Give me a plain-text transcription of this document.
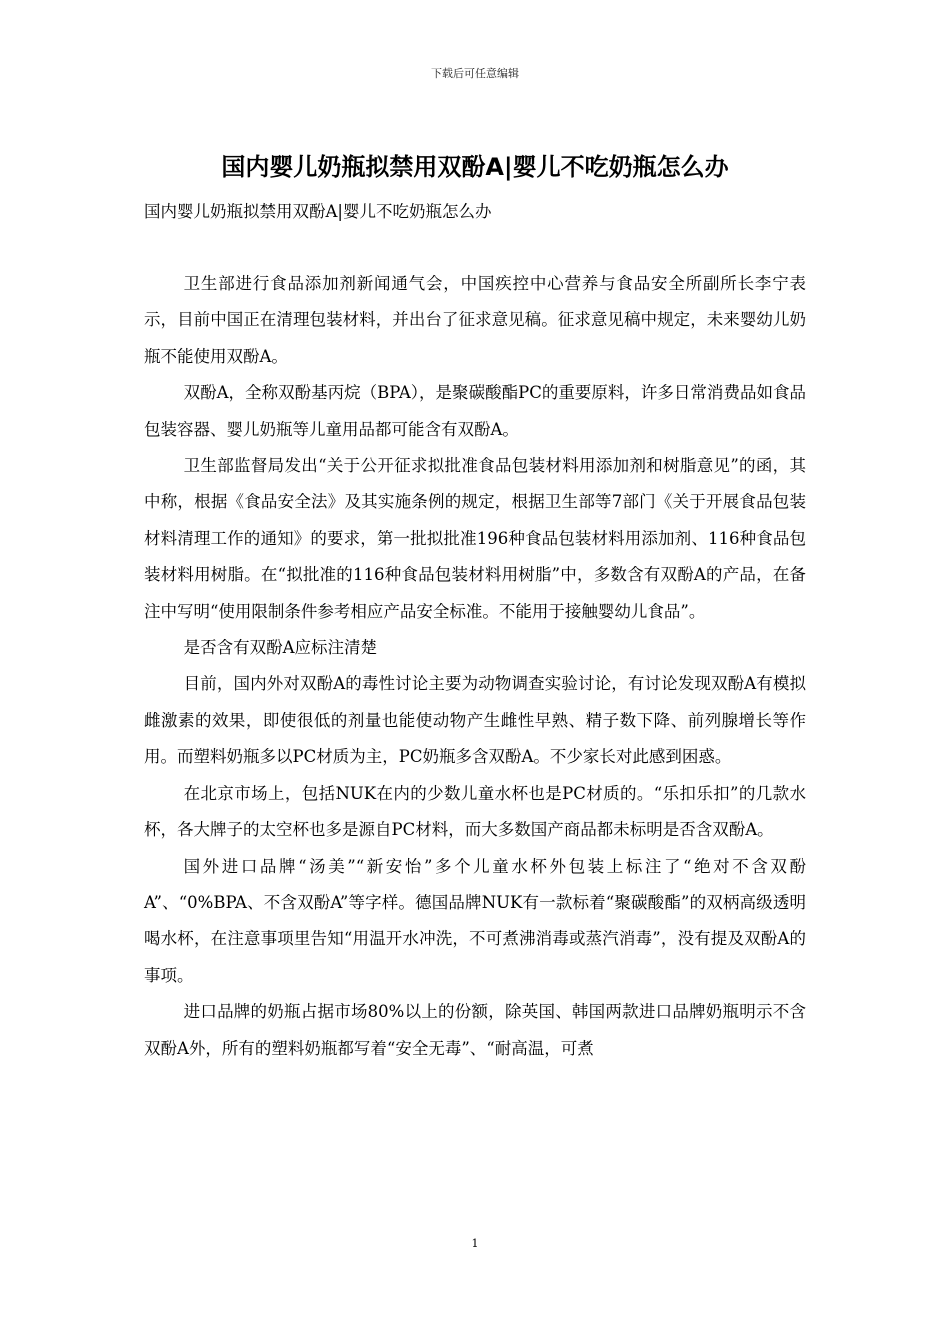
下载后可任意编辑
国内婴儿奶瓶拟禁用双酚A|婴儿不吃奶瓶怎么办

国内婴儿奶瓶拟禁用双酚A|婴儿不吃奶瓶怎么办

卫生部进行食品添加剂新闻通气会，中国疾控中心营养与食品安全所副所长李宁表示，目前中国正在清理包装材料，并出台了征求意见稿。征求意见稿中规定，未来婴幼儿奶瓶不能使用双酚A。

双酚A，全称双酚基丙烷（BPA），是聚碳酸酯PC的重要原料，许多日常消费品如食品包装容器、婴儿奶瓶等儿童用品都可能含有双酚A。

卫生部监督局发出“关于公开征求拟批准食品包装材料用添加剂和树脂意见”的函，其中称，根据《食品安全法》及其实施条例的规定，根据卫生部等7部门《关于开展食品包装材料清理工作的通知》的要求，第一批拟批准196种食品包装材料用添加剂、116种食品包装材料用树脂。在“拟批准的116种食品包装材料用树脂”中，多数含有双酚A的产品，在备注中写明“使用限制条件参考相应产品安全标准。不能用于接触婴幼儿食品”。

是否含有双酚A应标注清楚

目前，国内外对双酚A的毒性讨论主要为动物调查实验讨论，有讨论发现双酚A有模拟雌激素的效果，即使很低的剂量也能使动物产生雌性早熟、精子数下降、前列腺增长等作用。而塑料奶瓶多以PC材质为主，PC奶瓶多含双酚A。不少家长对此感到困惑。

在北京市场上，包括NUK在内的少数儿童水杯也是PC材质的。“乐扣乐扣”的几款水杯，各大牌子的太空杯也多是源自PC材料，而大多数国产商品都未标明是否含双酚A。

国外进口品牌“汤美”“新安怡”多个儿童水杯外包装上标注了“绝对不含双酚A”、“0%BPA、不含双酚A”等字样。德国品牌NUK有一款标着“聚碳酸酯”的双柄高级透明喝水杯，在注意事项里告知“用温开水冲洗，不可煮沸消毒或蒸汽消毒”，没有提及双酚A的事项。

进口品牌的奶瓶占据市场80%以上的份额，除英国、韩国两款进口品牌奶瓶明示不含双酚A外，所有的塑料奶瓶都写着“安全无毒”、“耐高温，可煮

1
